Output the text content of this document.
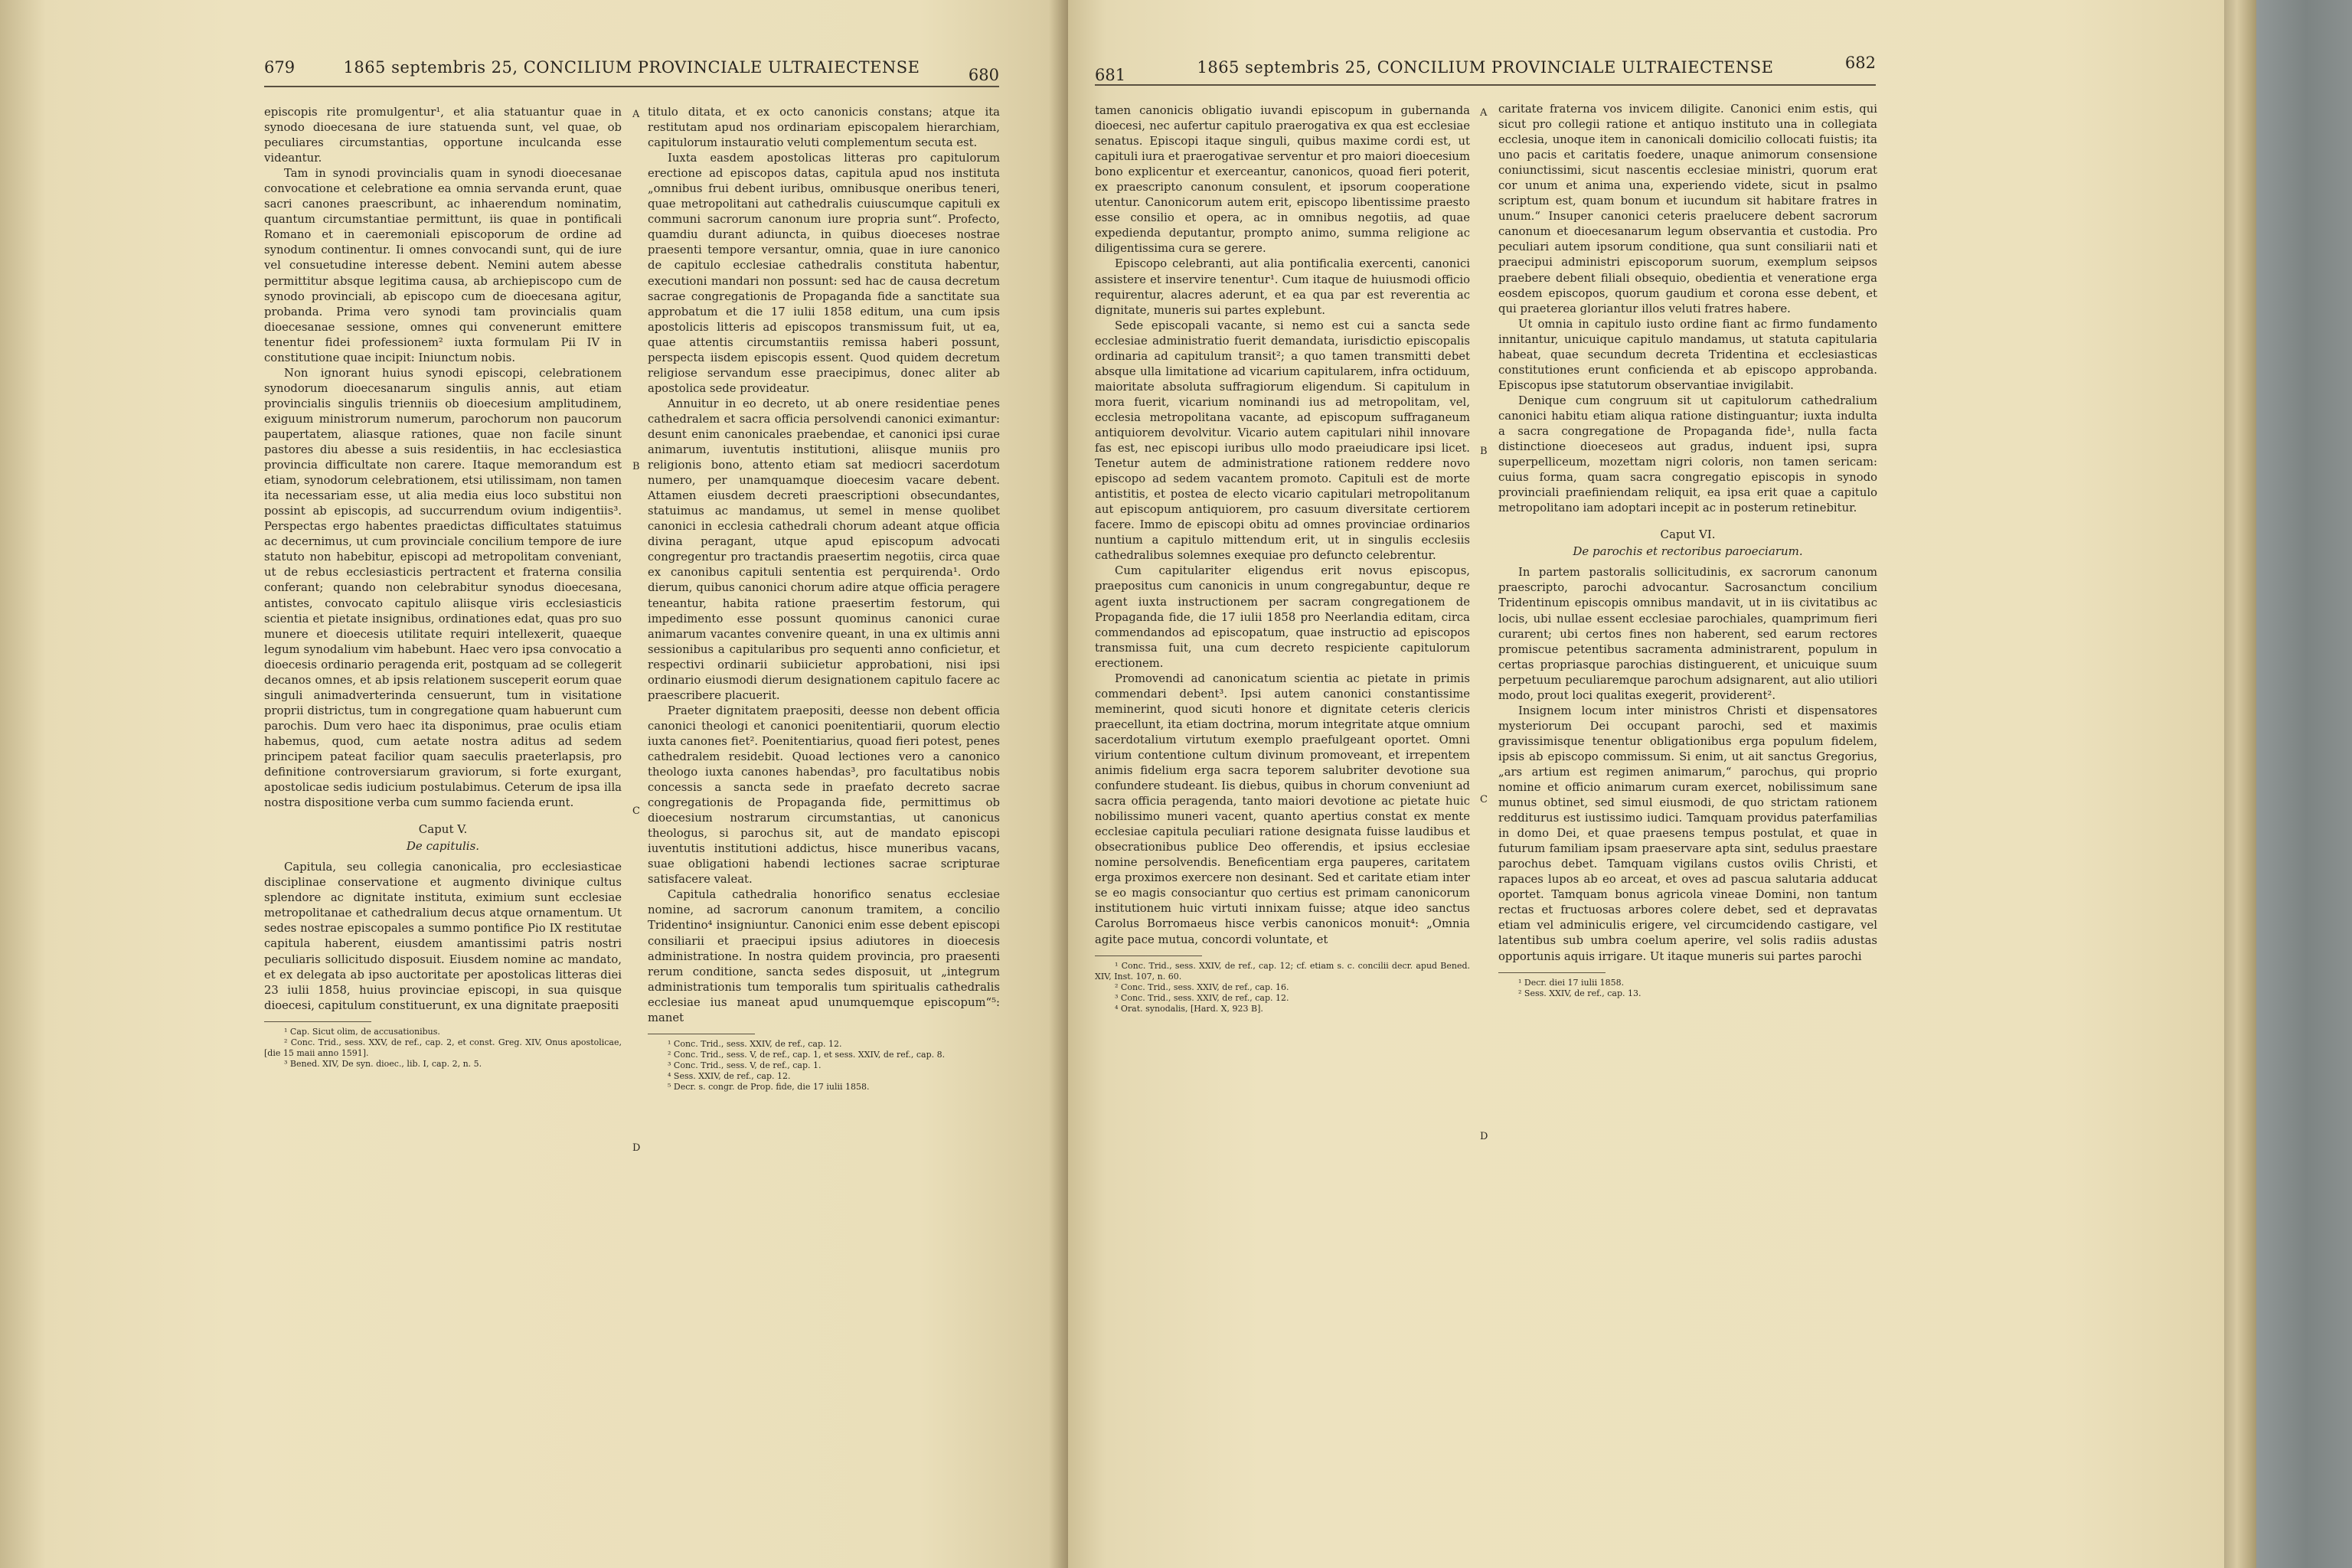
679	1865 septembris 25, CONCILIUM PROVINCIALE ULTRAIECTENSE	680

episcopis rite promulgentur¹, et alia statuantur quae in synodo dioecesana de iure statuenda sunt, vel quae, ob peculiares circumstantias, opportune inculcanda esse videantur.

Tam in synodi provincialis quam in synodi dioecesanae convocatione et celebratione ea omnia servanda erunt, quae sacri canones praescribunt, ac inhaerendum nominatim, quantum circumstantiae permittunt, iis quae in pontificali Romano et in caeremoniali episcoporum de ordine ad synodum continentur. Ii omnes convocandi sunt, qui de iure vel consuetudine interesse debent. Nemini autem abesse permittitur absque legitima causa, ab archiepiscopo cum de synodo provinciali, ab episcopo cum de dioecesana agitur, probanda. Prima vero synodi tam provincialis quam dioecesanae sessione, omnes qui convenerunt emittere tenentur fidei professionem² iuxta formulam Pii IV in constitutione quae incipit: Iniunctum nobis.

Non ignorant huius synodi episcopi, celebrationem synodorum dioecesanarum singulis annis, aut etiam provincialis singulis trienniis ob dioecesium amplitudinem, exiguum ministrorum numerum, parochorum non paucorum paupertatem, aliasque rationes, quae non facile sinunt pastores diu abesse a suis residentiis, in hac ecclesiastica provincia difficultate non carere. Itaque memorandum est etiam, synodorum celebrationem, etsi utilissimam, non tamen ita necessariam esse, ut alia media eius loco substitui non possint ab episcopis, ad succurrendum ovium indigentiis³. Perspectas ergo habentes praedictas difficultates statuimus ac decernimus, ut cum provinciale concilium tempore de iure statuto non habebitur, episcopi ad metropolitam conveniant, ut de rebus ecclesiasticis pertractent et fraterna consilia conferant; quando non celebrabitur synodus dioecesana, antistes, convocato capitulo aliisque viris ecclesiasticis scientia et pietate insignibus, ordinationes edat, quas pro suo munere et dioecesis utilitate requiri intellexerit, quaeque legum synodalium vim habebunt. Haec vero ipsa convocatio a dioecesis ordinario peragenda erit, postquam ad se collegerit decanos omnes, et ab ipsis relationem susceperit eorum quae singuli animadverterinda censuerunt, tum in visitatione proprii districtus, tum in congregatione quam habuerunt cum parochis. Dum vero haec ita disponimus, prae oculis etiam habemus, quod, cum aetate nostra aditus ad sedem principem pateat facilior quam saeculis praeterlapsis, pro definitione controversiarum graviorum, si forte exurgant, apostolicae sedis iudicium postulabimus. Ceterum de ipsa illa nostra dispositione verba cum summo facienda erunt.

Caput V.
De capitulis.

Capitula, seu collegia canonicalia, pro ecclesiasticae disciplinae conservatione et augmento divinique cultus splendore ac dignitate instituta, eximium sunt ecclesiae metropolitanae et cathedralium decus atque ornamentum. Ut sedes nostrae episcopales a summo pontifice Pio IX restitutae capitula haberent, eiusdem amantissimi patris nostri peculiaris sollicitudo disposuit. Eiusdem nomine ac mandato, et ex delegata ab ipso auctoritate per apostolicas litteras diei 23 iulii 1858, huius provinciae episcopi, in sua quisque dioecesi, capitulum constituerunt, ex una dignitate praepositi

¹ Cap. Sicut olim, de accusationibus.

² Conc. Trid., sess. XXV, de ref., cap. 2, et const. Greg. XIV, Onus apostolicae, [die 15 maii anno 1591].

³ Bened. XIV, De syn. dioec., lib. I, cap. 2, n. 5.

A
B
C
D

titulo ditata, et ex octo canonicis constans; atque ita restitutam apud nos ordinariam episcopalem hierarchiam, capitulorum instauratio veluti complementum secuta est.

Iuxta easdem apostolicas litteras pro capitulorum erectione ad episcopos datas, capitula apud nos instituta „omnibus frui debent iuribus, omnibusque oneribus teneri, quae metropolitani aut cathedralis cuiuscumque capituli ex communi sacrorum canonum iure propria sunt“. Profecto, quamdiu durant adiuncta, in quibus dioeceses nostrae praesenti tempore versantur, omnia, quae in iure canonico de capitulo ecclesiae cathedralis constituta habentur, executioni mandari non possunt: sed hac de causa decretum sacrae congregationis de Propaganda fide a sanctitate sua approbatum et die 17 iulii 1858 editum, una cum ipsis apostolicis litteris ad episcopos transmissum fuit, ut ea, quae attentis circumstantiis remissa haberi possunt, perspecta iisdem episcopis essent. Quod quidem decretum religiose servandum esse praecipimus, donec aliter ab apostolica sede provideatur.

Annuitur in eo decreto, ut ab onere residentiae penes cathedralem et sacra officia persolvendi canonici eximantur: desunt enim canonicales praebendae, et canonici ipsi curae animarum, iuventutis institutioni, aliisque muniis pro religionis bono, attento etiam sat mediocri sacerdotum numero, per unamquamque dioecesim vacare debent. Attamen eiusdem decreti praescriptioni obsecundantes, statuimus ac mandamus, ut semel in mense quolibet canonici in ecclesia cathedrali chorum adeant atque officia divina peragant, utque apud episcopum advocati congregentur pro tractandis praesertim negotiis, circa quae ex canonibus capituli sententia est perquirenda¹. Ordo dierum, quibus canonici chorum adire atque officia peragere teneantur, habita ratione praesertim festorum, qui impedimento esse possunt quominus canonici curae animarum vacantes convenire queant, in una ex ultimis anni sessionibus a capitularibus pro sequenti anno conficietur, et respectivi ordinarii subiicietur approbationi, nisi ipsi ordinario eiusmodi dierum designationem capitulo facere ac praescribere placuerit.

Praeter dignitatem praepositi, deesse non debent officia canonici theologi et canonici poenitentiarii, quorum electio iuxta canones fiet². Poenitentiarius, quoad fieri potest, penes cathedralem residebit. Quoad lectiones vero a canonico theologo iuxta canones habendas³, pro facultatibus nobis concessis a sancta sede in praefato decreto sacrae congregationis de Propaganda fide, permittimus ob dioecesium nostrarum circumstantias, ut canonicus theologus, si parochus sit, aut de mandato episcopi iuventutis institutioni addictus, hisce muneribus vacans, suae obligationi habendi lectiones sacrae scripturae satisfacere valeat.

Capitula cathedralia honorifico senatus ecclesiae nomine, ad sacrorum canonum tramitem, a concilio Tridentino⁴ insigniuntur. Canonici enim esse debent episcopi consiliarii et praecipui ipsius adiutores in dioecesis administratione. In nostra quidem provincia, pro praesenti rerum conditione, sancta sedes disposuit, ut „integrum administrationis tum temporalis tum spiritualis cathedralis ecclesiae ius maneat apud unumquemque episcopum“⁵: manet

¹ Conc. Trid., sess. XXIV, de ref., cap. 12.

² Conc. Trid., sess. V, de ref., cap. 1, et sess. XXIV, de ref., cap. 8.

³ Conc. Trid., sess. V, de ref., cap. 1.

⁴ Sess. XXIV, de ref., cap. 12.

⁵ Decr. s. congr. de Prop. fide, die 17 iulii 1858.

681	1865 septembris 25, CONCILIUM PROVINCIALE ULTRAIECTENSE	682

tamen canonicis obligatio iuvandi episcopum in gubernanda dioecesi, nec aufertur capitulo praerogativa ex qua est ecclesiae senatus. Episcopi itaque singuli, quibus maxime cordi est, ut capituli iura et praerogativae serventur et pro maiori dioecesium bono explicentur et exerceantur, canonicos, quoad fieri poterit, ex praescripto canonum consulent, et ipsorum cooperatione utentur. Canonicorum autem erit, episcopo libentissime praesto esse consilio et opera, ac in omnibus negotiis, ad quae expedienda deputantur, prompto animo, summa religione ac diligentissima cura se gerere.

Episcopo celebranti, aut alia pontificalia exercenti, canonici assistere et inservire tenentur¹. Cum itaque de huiusmodi officio requirentur, alacres aderunt, et ea qua par est reverentia ac dignitate, muneris sui partes explebunt.

Sede episcopali vacante, si nemo est cui a sancta sede ecclesiae administratio fuerit demandata, iurisdictio episcopalis ordinaria ad capitulum transit²; a quo tamen transmitti debet absque ulla limitatione ad vicarium capitularem, infra octiduum, maioritate absoluta suffragiorum eligendum. Si capitulum in mora fuerit, vicarium nominandi ius ad metropolitam, vel, ecclesia metropolitana vacante, ad episcopum suffraganeum antiquiorem devolvitur. Vicario autem capitulari nihil innovare fas est, nec episcopi iuribus ullo modo praeiudicare ipsi licet. Tenetur autem de administratione rationem reddere novo episcopo ad sedem vacantem promoto. Capituli est de morte antistitis, et postea de electo vicario capitulari metropolitanum aut episcopum antiquiorem, pro casuum diversitate certiorem facere. Immo de episcopi obitu ad omnes provinciae ordinarios nuntium a capitulo mittendum erit, ut in singulis ecclesiis cathedralibus solemnes exequiae pro defuncto celebrentur.

Cum capitulariter eligendus erit novus episcopus, praepositus cum canonicis in unum congregabuntur, deque re agent iuxta instructionem per sacram congregationem de Propaganda fide, die 17 iulii 1858 pro Neerlandia editam, circa commendandos ad episcopatum, quae instructio ad episcopos transmissa fuit, una cum decreto respiciente capitulorum erectionem.

Promovendi ad canonicatum scientia ac pietate in primis commendari debent³. Ipsi autem canonici constantissime meminerint, quod sicuti honore et dignitate ceteris clericis praecellunt, ita etiam doctrina, morum integritate atque omnium sacerdotalium virtutum exemplo praefulgeant oportet. Omni virium contentione cultum divinum promoveant, et irrepentem animis fidelium erga sacra teporem salubriter devotione sua confundere studeant. Iis diebus, quibus in chorum conveniunt ad sacra officia peragenda, tanto maiori devotione ac pietate huic nobilissimo muneri vacent, quanto apertius constat ex mente ecclesiae capitula peculiari ratione designata fuisse laudibus et obsecrationibus publice Deo offerendis, et ipsius ecclesiae nomine persolvendis. Beneficentiam erga pauperes, caritatem erga proximos exercere non desinant. Sed et caritate etiam inter se eo magis consociantur quo certius est primam canonicorum institutionem huic virtuti innixam fuisse; atque ideo sanctus Carolus Borromaeus hisce verbis canonicos monuit⁴: „Omnia agite pace mutua, concordi voluntate, et

¹ Conc. Trid., sess. XXIV, de ref., cap. 12; cf. etiam s. c. concilii decr. apud Bened. XIV, Inst. 107, n. 60.

² Conc. Trid., sess. XXIV, de ref., cap. 16.

³ Conc. Trid., sess. XXIV, de ref., cap. 12.

⁴ Orat. synodalis, [Hard. X, 923 B].

A
B
C
D

caritate fraterna vos invicem diligite. Canonici enim estis, qui sicut pro collegii ratione et antiquo instituto una in collegiata ecclesia, unoque item in canonicali domicilio collocati fuistis; ita uno pacis et caritatis foedere, unaque animorum consensione coniunctissimi, sicut nascentis ecclesiae ministri, quorum erat cor unum et anima una, experiendo videte, sicut in psalmo scriptum est, quam bonum et iucundum sit habitare fratres in unum.“ Insuper canonici ceteris praelucere debent sacrorum canonum et dioecesanarum legum observantia et custodia. Pro peculiari autem ipsorum conditione, qua sunt consiliarii nati et praecipui administri episcoporum suorum, exemplum seipsos praebere debent filiali obsequio, obedientia et veneratione erga eosdem episcopos, quorum gaudium et corona esse debent, et qui praeterea gloriantur illos veluti fratres habere.

Ut omnia in capitulo iusto ordine fiant ac firmo fundamento innitantur, unicuique capitulo mandamus, ut statuta capitularia habeat, quae secundum decreta Tridentina et ecclesiasticas constitutiones erunt conficienda et ab episcopo approbanda. Episcopus ipse statutorum observantiae invigilabit.

Denique cum congruum sit ut capitulorum cathedralium canonici habitu etiam aliqua ratione distinguantur; iuxta indulta a sacra congregatione de Propaganda fide¹, nulla facta distinctione dioeceseos aut gradus, induent ipsi, supra superpelliceum, mozettam nigri coloris, non tamen sericam: cuius forma, quam sacra congregatio episcopis in synodo provinciali praefiniendam reliquit, ea ipsa erit quae a capitulo metropolitano iam adoptari incepit ac in posterum retinebitur.

Caput VI.
De parochis et rectoribus paroeciarum.

In partem pastoralis sollicitudinis, ex sacrorum canonum praescripto, parochi advocantur. Sacrosanctum concilium Tridentinum episcopis omnibus mandavit, ut in iis civitatibus ac locis, ubi nullae essent ecclesiae parochiales, quamprimum fieri curarent; ubi certos fines non haberent, sed earum rectores promiscue petentibus sacramenta administrarent, populum in certas propriasque parochias distinguerent, et unicuique suum perpetuum peculiaremque parochum adsignarent, aut alio utiliori modo, prout loci qualitas exegerit, providerent².

Insignem locum inter ministros Christi et dispensatores mysteriorum Dei occupant parochi, sed et maximis gravissimisque tenentur obligationibus erga populum fidelem, ipsis ab episcopo commissum. Si enim, ut ait sanctus Gregorius, „ars artium est regimen animarum,“ parochus, qui proprio nomine et officio animarum curam exercet, nobilissimum sane munus obtinet, sed simul eiusmodi, de quo strictam rationem redditurus est iustissimo iudici. Tamquam providus paterfamilias in domo Dei, et quae praesens tempus postulat, et quae in futurum familiam ipsam praeservare apta sint, sedulus praestare parochus debet. Tamquam vigilans custos ovilis Christi, et rapaces lupos ab eo arceat, et oves ad pascua salutaria adducat oportet. Tamquam bonus agricola vineae Domini, non tantum rectas et fructuosas arbores colere debet, sed et depravatas etiam vel adminiculis erigere, vel circumcidendo castigare, vel latentibus sub umbra coelum aperire, vel solis radiis adustas opportunis aquis irrigare. Ut itaque muneris sui partes parochi

¹ Decr. diei 17 iulii 1858.

² Sess. XXIV, de ref., cap. 13.
